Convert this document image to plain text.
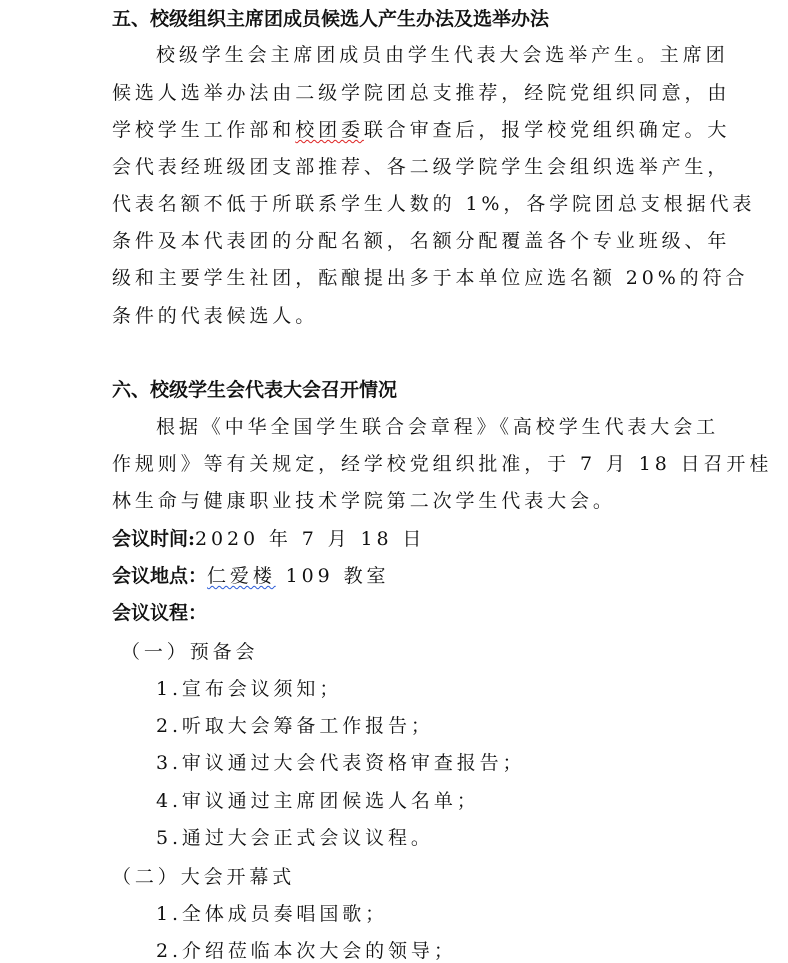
五、校级组织主席团成员候选人产生办法及选举办法
校级学生会主席团成员由学生代表大会选举产生。主席团
候选人选举办法由二级学院团总支推荐，经院党组织同意，由
学校学生工作部和校团委联合审查后，报学校党组织确定。大
会代表经班级团支部推荐、各二级学院学生会组织选举产生，
代表名额不低于所联系学生人数的 1%，各学院团总支根据代表
条件及本代表团的分配名额，名额分配覆盖各个专业班级、年
级和主要学生社团，酝酿提出多于本单位应选名额 20%的符合
条件的代表候选人。
六、校级学生会代表大会召开情况
根据《中华全国学生联合会章程》《高校学生代表大会工
作规则》等有关规定，经学校党组织批准，于 7 月 18 日召开桂
林生命与健康职业技术学院第二次学生代表大会。
会议时间:2020 年 7 月 18 日
会议地点：仁爱楼 109 教室
会议议程：
（一）预备会
1.宣布会议须知；
2.听取大会筹备工作报告；
3.审议通过大会代表资格审查报告；
4.审议通过主席团候选人名单；
5.通过大会正式会议议程。
（二）大会开幕式
1.全体成员奏唱国歌；
2.介绍莅临本次大会的领导；
